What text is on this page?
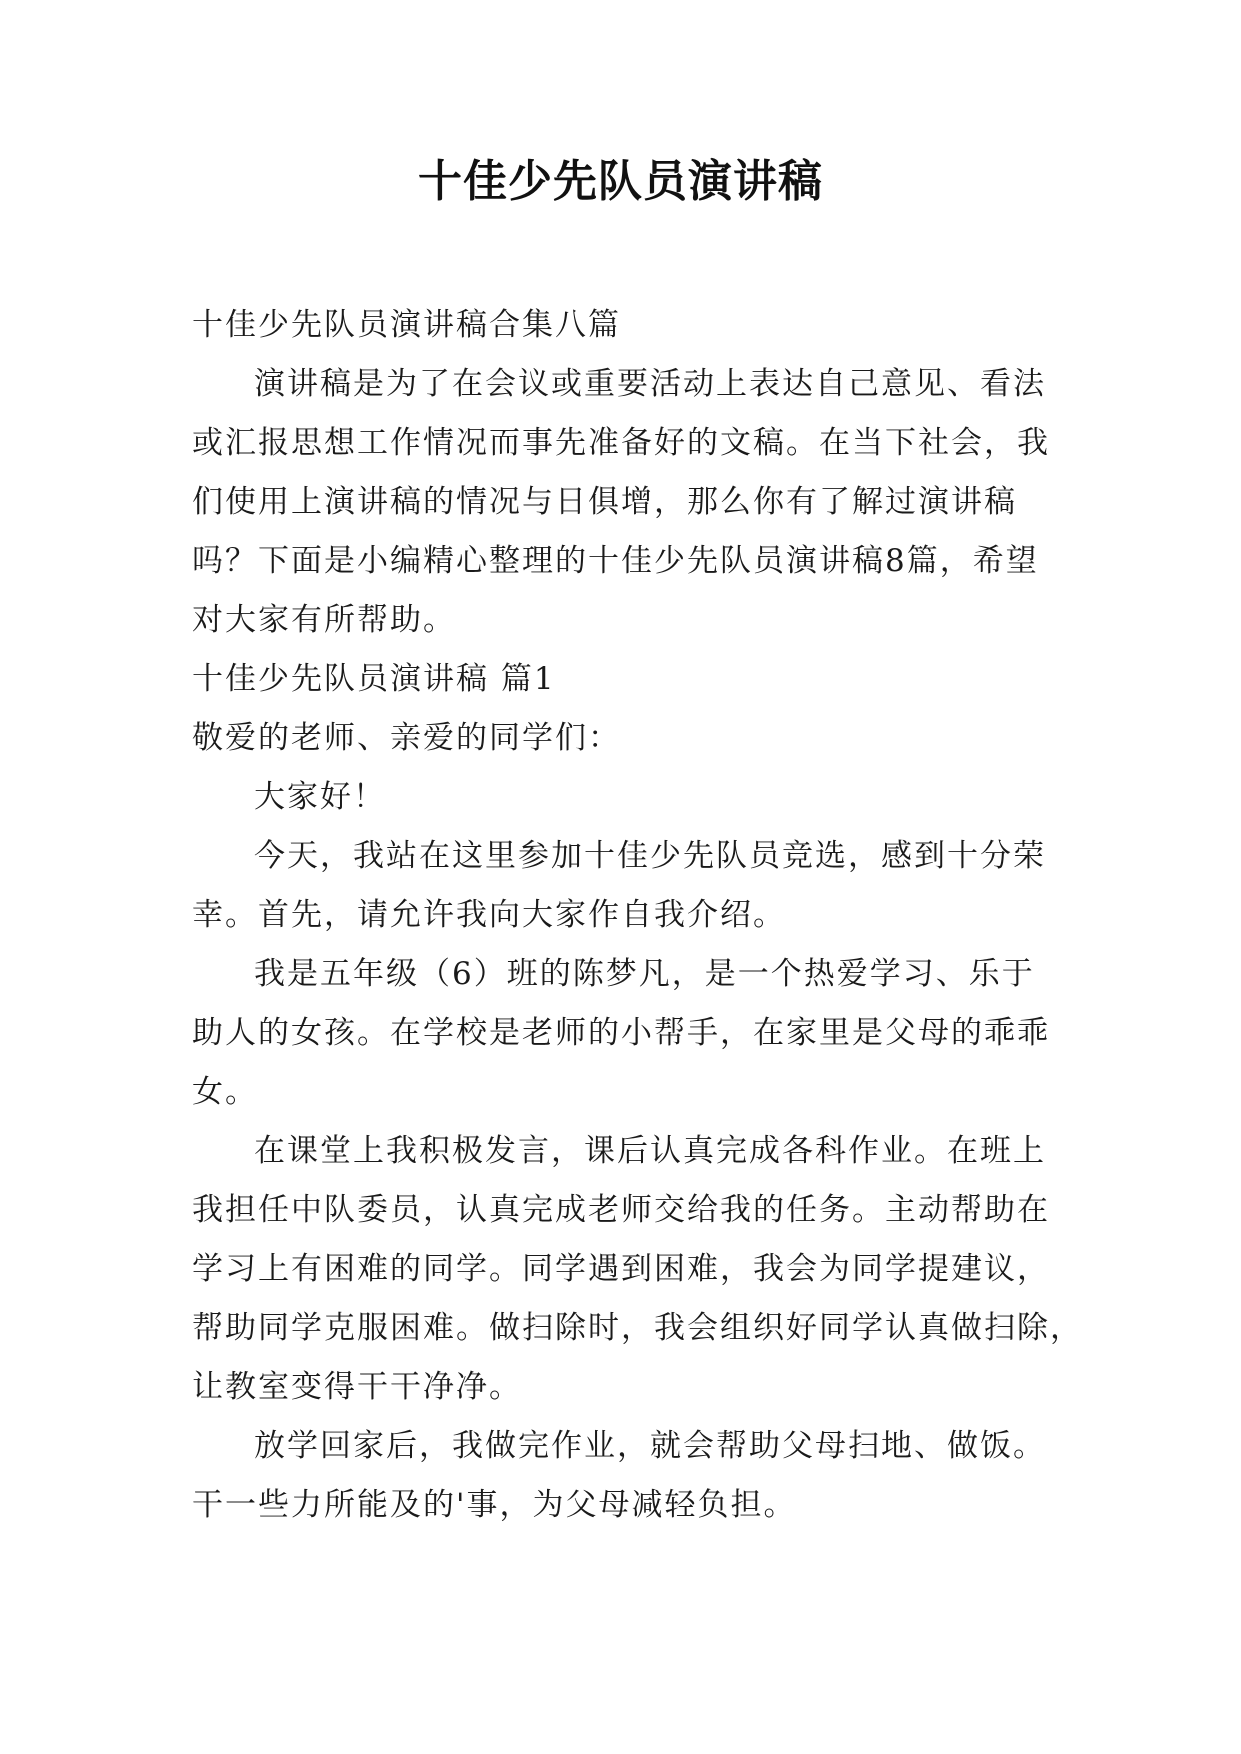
十佳少先队员演讲稿

十佳少先队员演讲稿合集八篇

演讲稿是为了在会议或重要活动上表达自己意见、看法
或汇报思想工作情况而事先准备好的文稿。在当下社会，我
们使用上演讲稿的情况与日俱增，那么你有了解过演讲稿
吗？下面是小编精心整理的十佳少先队员演讲稿8篇，希望
对大家有所帮助。

十佳少先队员演讲稿 篇1

敬爱的老师、亲爱的同学们：

大家好！

今天，我站在这里参加十佳少先队员竞选，感到十分荣
幸。首先，请允许我向大家作自我介绍。

我是五年级（6）班的陈梦凡，是一个热爱学习、乐于
助人的女孩。在学校是老师的小帮手，在家里是父母的乖乖
女。

在课堂上我积极发言，课后认真完成各科作业。在班上
我担任中队委员，认真完成老师交给我的任务。主动帮助在
学习上有困难的同学。同学遇到困难，我会为同学提建议，
帮助同学克服困难。做扫除时，我会组织好同学认真做扫除，
让教室变得干干净净。

放学回家后，我做完作业，就会帮助父母扫地、做饭。
干一些力所能及的'事，为父母减轻负担。
